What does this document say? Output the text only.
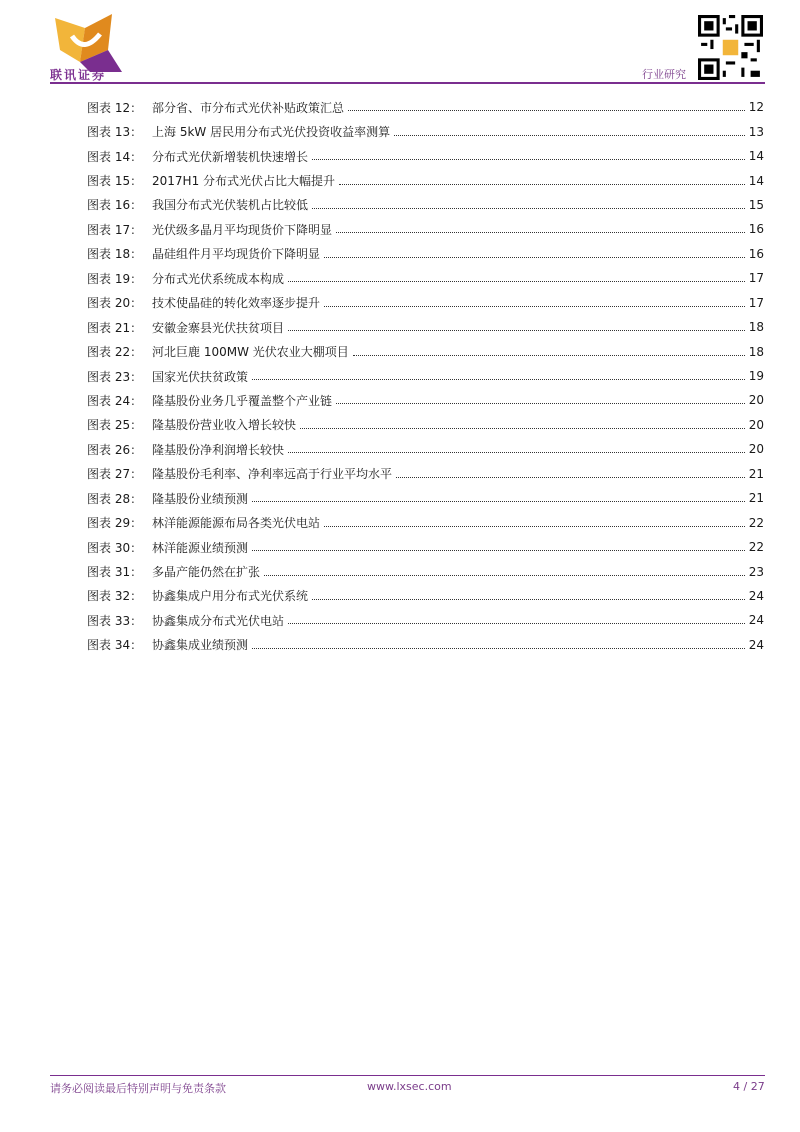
联讯证券	行业研究
图表 12： 部分省、市分布式光伏补贴政策汇总	12
图表 13： 上海 5kW 居民用分布式光伏投资收益率测算	13
图表 14： 分布式光伏新增装机快速增长	14
图表 15： 2017H1 分布式光伏占比大幅提升	14
图表 16： 我国分布式光伏装机占比较低	15
图表 17： 光伏级多晶月平均现货价下降明显	16
图表 18： 晶硅组件月平均现货价下降明显	16
图表 19： 分布式光伏系统成本构成	17
图表 20： 技术使晶硅的转化效率逐步提升	17
图表 21： 安徽金寨县光伏扶贫项目	18
图表 22： 河北巨鹿 100MW 光伏农业大棚项目	18
图表 23： 国家光伏扶贫政策	19
图表 24： 隆基股份业务几乎覆盖整个产业链	20
图表 25： 隆基股份营业收入增长较快	20
图表 26： 隆基股份净利润增长较快	20
图表 27： 隆基股份毛利率、净利率远高于行业平均水平	21
图表 28： 隆基股份业绩预测	21
图表 29： 林洋能源能源布局各类光伏电站	22
图表 30： 林洋能源业绩预测	22
图表 31： 多晶产能仍然在扩张	23
图表 32： 协鑫集成户用分布式光伏系统	24
图表 33： 协鑫集成分布式光伏电站	24
图表 34： 协鑫集成业绩预测	24
请务必阅读最后特别声明与免责条款	www.lxsec.com	4 / 27
